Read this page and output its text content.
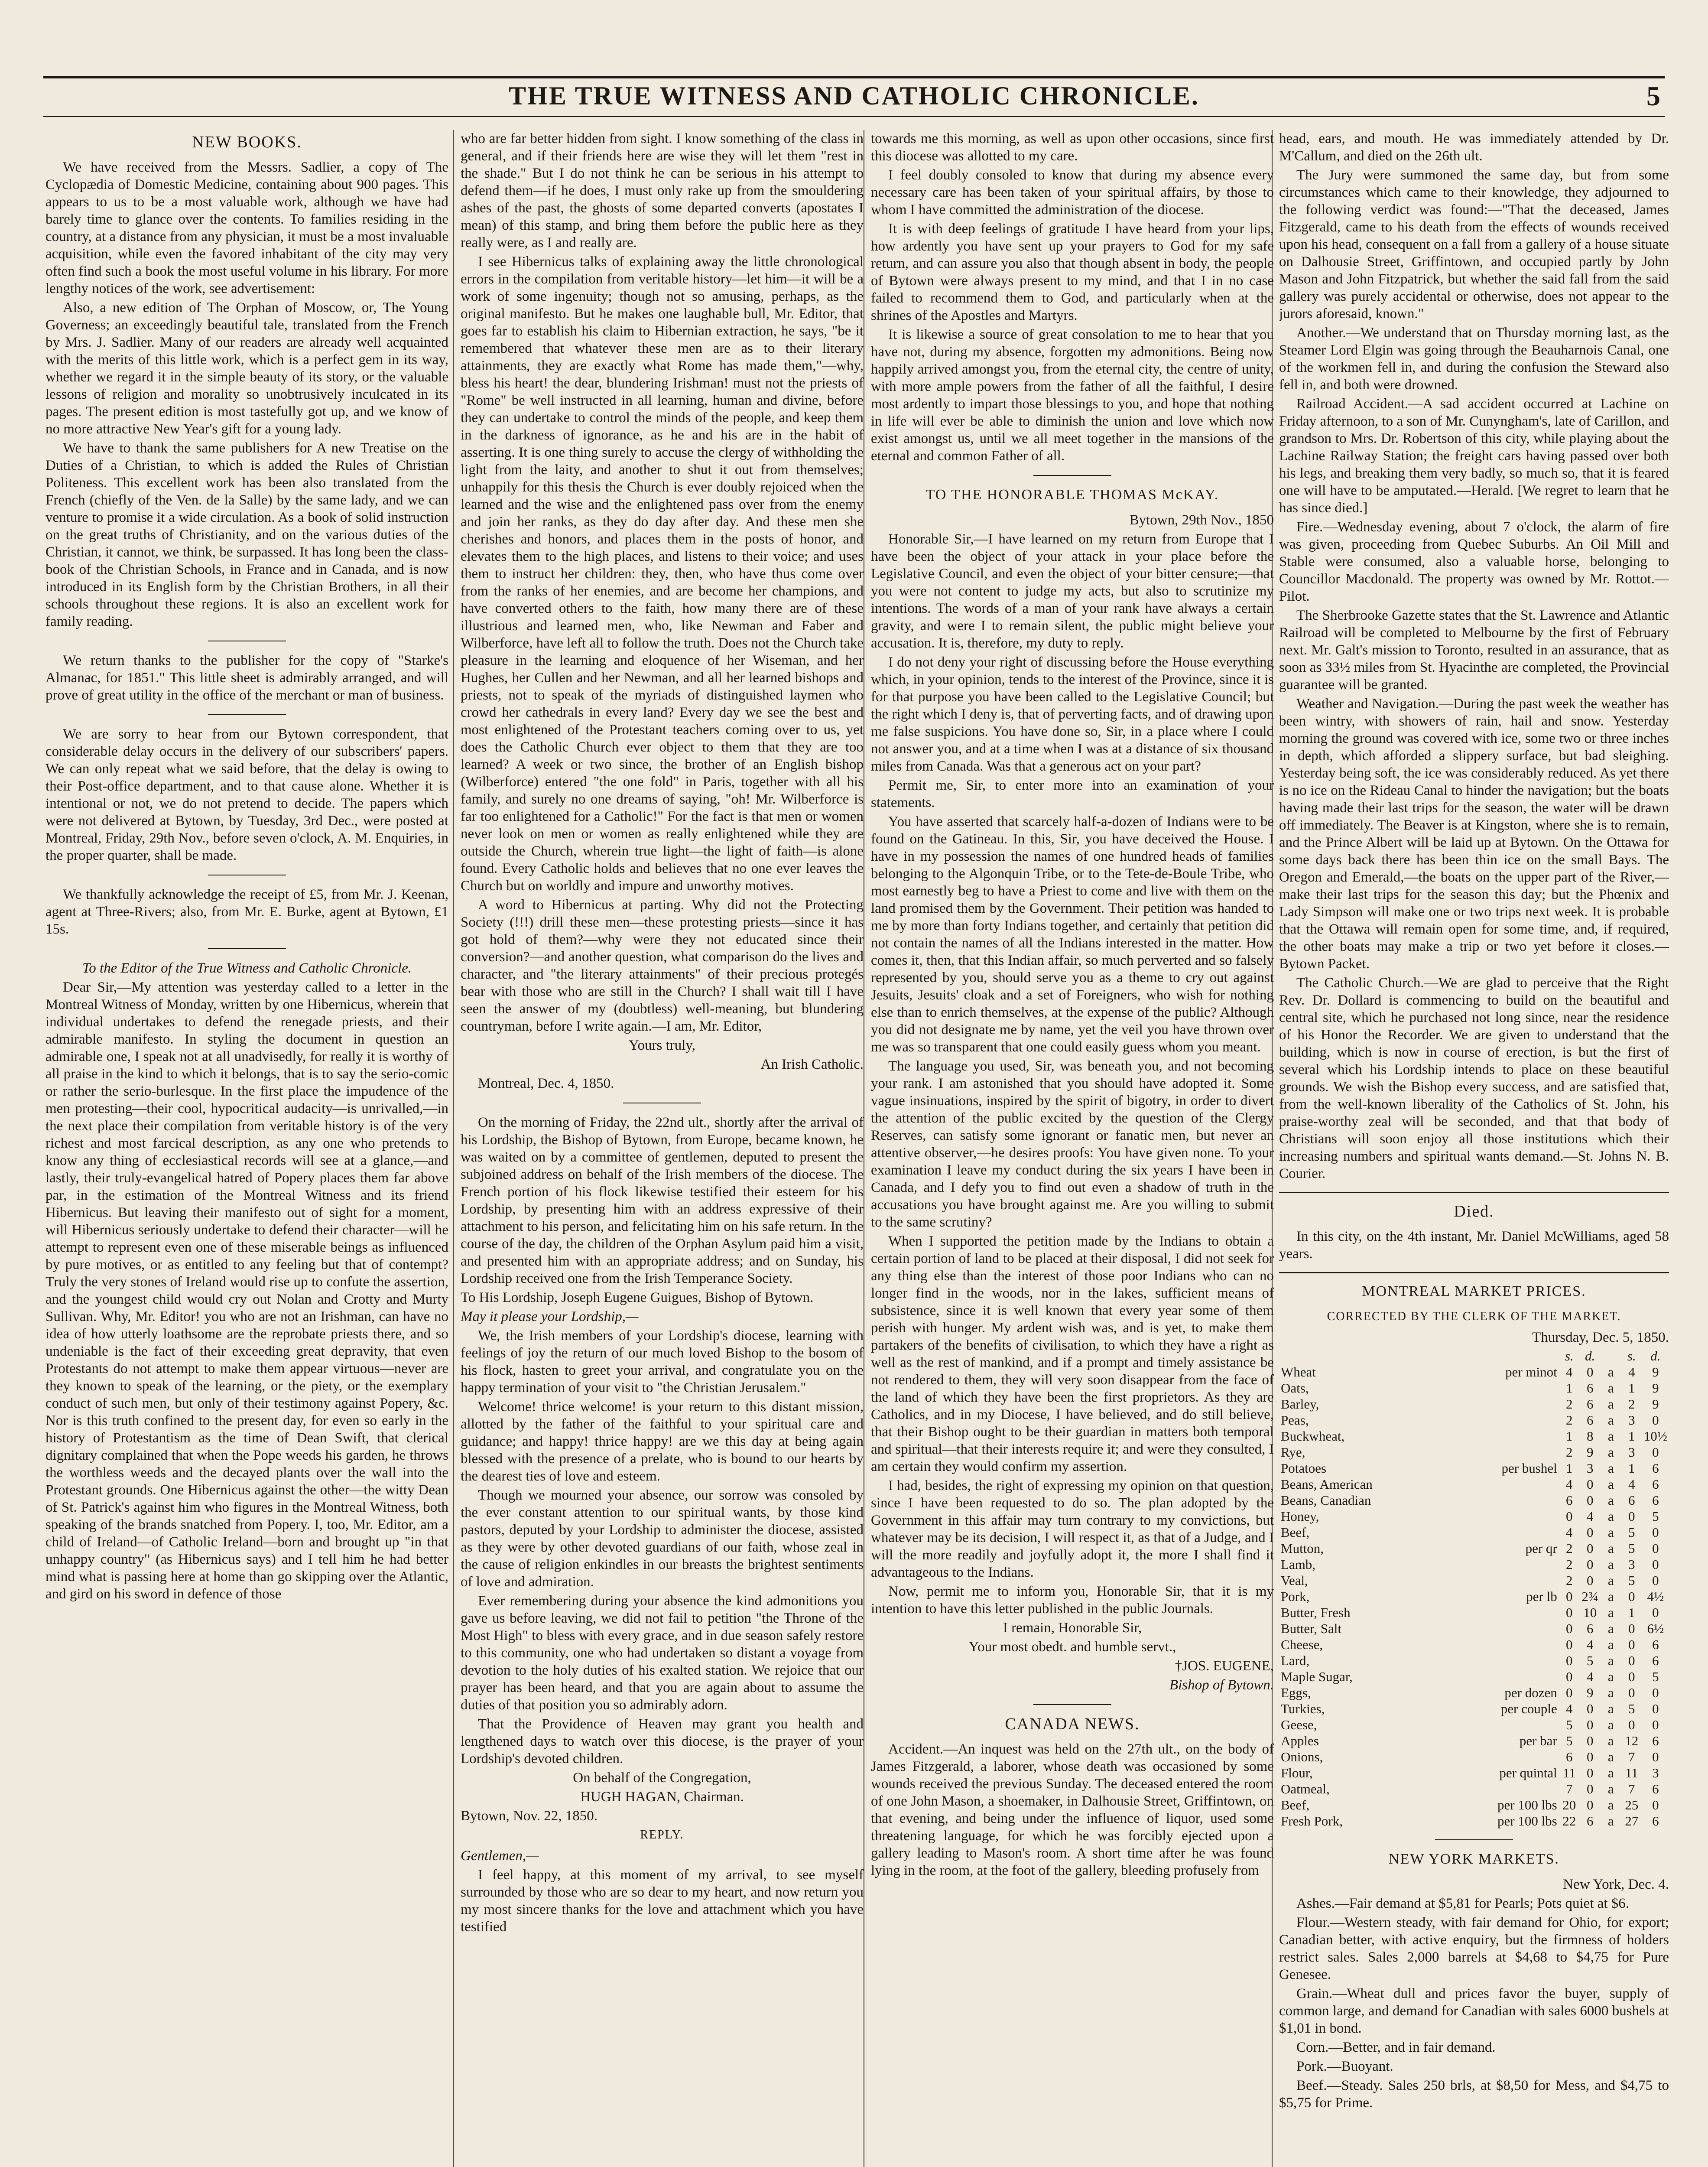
THE TRUE WITNESS AND CATHOLIC CHRONICLE.	5
NEW BOOKS.

We have received from the Messrs. Sadlier, a copy of The Cyclopædia of Domestic Medicine, containing about 900 pages. This appears to us to be a most valuable work, although we have had barely time to glance over the contents. To families residing in the country, at a distance from any physician, it must be a most invaluable acquisition, while even the favored inhabitant of the city may very often find such a book the most useful volume in his library. For more lengthy notices of the work, see advertisement:

Also, a new edition of The Orphan of Moscow, or, The Young Governess; an exceedingly beautiful tale, translated from the French by Mrs. J. Sadlier. Many of our readers are already well acquainted with the merits of this little work, which is a perfect gem in its way, whether we regard it in the simple beauty of its story, or the valuable lessons of religion and morality so unobtrusively inculcated in its pages. The present edition is most tastefully got up, and we know of no more attractive New Year's gift for a young lady.

We have to thank the same publishers for A new Treatise on the Duties of a Christian, to which is added the Rules of Christian Politeness. This excellent work has been also translated from the French (chiefly of the Ven. de la Salle) by the same lady, and we can venture to promise it a wide circulation. As a book of solid instruction on the great truths of Christianity, and on the various duties of the Christian, it cannot, we think, be surpassed. It has long been the class-book of the Christian Schools, in France and in Canada, and is now introduced in its English form by the Christian Brothers, in all their schools throughout these regions. It is also an excellent work for family reading.

We return thanks to the publisher for the copy of "Starke's Almanac, for 1851." This little sheet is admirably arranged, and will prove of great utility in the office of the merchant or man of business.

We are sorry to hear from our Bytown correspondent, that considerable delay occurs in the delivery of our subscribers' papers. We can only repeat what we said before, that the delay is owing to their Post-office department, and to that cause alone. Whether it is intentional or not, we do not pretend to decide. The papers which were not delivered at Bytown, by Tuesday, 3rd Dec., were posted at Montreal, Friday, 29th Nov., before seven o'clock, A. M. Enquiries, in the proper quarter, shall be made.

We thankfully acknowledge the receipt of £5, from Mr. J. Keenan, agent at Three-Rivers; also, from Mr. E. Burke, agent at Bytown, £1 15s.

To the Editor of the True Witness and Catholic Chronicle.

Dear Sir,—My attention was yesterday called to a letter in the Montreal Witness of Monday, written by one Hibernicus, wherein that individual undertakes to defend the renegade priests, and their admirable manifesto. In styling the document in question an admirable one, I speak not at all unadvisedly, for really it is worthy of all praise in the kind to which it belongs, that is to say the serio-comic or rather the serio-burlesque. In the first place the impudence of the men protesting—their cool, hypocritical audacity—is unrivalled,—in the next place their compilation from veritable history is of the very richest and most farcical description, as any one who pretends to know any thing of ecclesiastical records will see at a glance,—and lastly, their truly-evangelical hatred of Popery places them far above par, in the estimation of the Montreal Witness and its friend Hibernicus. But leaving their manifesto out of sight for a moment, will Hibernicus seriously undertake to defend their character—will he attempt to represent even one of these miserable beings as influenced by pure motives, or as entitled to any feeling but that of contempt? Truly the very stones of Ireland would rise up to confute the assertion, and the youngest child would cry out Nolan and Crotty and Murty Sullivan. Why, Mr. Editor! you who are not an Irishman, can have no idea of how utterly loathsome are the reprobate priests there, and so undeniable is the fact of their exceeding great depravity, that even Protestants do not attempt to make them appear virtuous—never are they known to speak of the learning, or the piety, or the exemplary conduct of such men, but only of their testimony against Popery, &c. Nor is this truth confined to the present day, for even so early in the history of Protestantism as the time of Dean Swift, that clerical dignitary complained that when the Pope weeds his garden, he throws the worthless weeds and the decayed plants over the wall into the Protestant grounds. One Hibernicus against the other—the witty Dean of St. Patrick's against him who figures in the Montreal Witness, both speaking of the brands snatched from Popery. I, too, Mr. Editor, am a child of Ireland—of Catholic Ireland—born and brought up "in that unhappy country" (as Hibernicus says) and I tell him he had better mind what is passing here at home than go skipping over the Atlantic, and gird on his sword in defence of those

who are far better hidden from sight. I know something of the class in general, and if their friends here are wise they will let them "rest in the shade." But I do not think he can be serious in his attempt to defend them—if he does, I must only rake up from the smouldering ashes of the past, the ghosts of some departed converts (apostates I mean) of this stamp, and bring them before the public here as they really were, as I and really are.

I see Hibernicus talks of explaining away the little chronological errors in the compilation from veritable history—let him—it will be a work of some ingenuity; though not so amusing, perhaps, as the original manifesto. But he makes one laughable bull, Mr. Editor, that goes far to establish his claim to Hibernian extraction, he says, "be it remembered that whatever these men are as to their literary attainments, they are exactly what Rome has made them,"—why, bless his heart! the dear, blundering Irishman! must not the priests of "Rome" be well instructed in all learning, human and divine, before they can undertake to control the minds of the people, and keep them in the darkness of ignorance, as he and his are in the habit of asserting. It is one thing surely to accuse the clergy of withholding the light from the laity, and another to shut it out from themselves; unhappily for this thesis the Church is ever doubly rejoiced when the learned and the wise and the enlightened pass over from the enemy and join her ranks, as they do day after day. And these men she cherishes and honors, and places them in the posts of honor, and elevates them to the high places, and listens to their voice; and uses them to instruct her children: they, then, who have thus come over from the ranks of her enemies, and are become her champions, and have converted others to the faith, how many there are of these illustrious and learned men, who, like Newman and Faber and Wilberforce, have left all to follow the truth. Does not the Church take pleasure in the learning and eloquence of her Wiseman, and her Hughes, her Cullen and her Newman, and all her learned bishops and priests, not to speak of the myriads of distinguished laymen who crowd her cathedrals in every land? Every day we see the best and most enlightened of the Protestant teachers coming over to us, yet does the Catholic Church ever object to them that they are too learned? A week or two since, the brother of an English bishop (Wilberforce) entered "the one fold" in Paris, together with all his family, and surely no one dreams of saying, "oh! Mr. Wilberforce is far too enlightened for a Catholic!" For the fact is that men or women never look on men or women as really enlightened while they are outside the Church, wherein true light—the light of faith—is alone found. Every Catholic holds and believes that no one ever leaves the Church but on worldly and impure and unworthy motives.

A word to Hibernicus at parting. Why did not the Protecting Society (!!!) drill these men—these protesting priests—since it has got hold of them?—why were they not educated since their conversion?—and another question, what comparison do the lives and character, and "the literary attainments" of their precious protegés bear with those who are still in the Church? I shall wait till I have seen the answer of my (doubtless) well-meaning, but blundering countryman, before I write again.—I am, Mr. Editor,

Yours truly,

An Irish Catholic.

Montreal, Dec. 4, 1850.

On the morning of Friday, the 22nd ult., shortly after the arrival of his Lordship, the Bishop of Bytown, from Europe, became known, he was waited on by a committee of gentlemen, deputed to present the subjoined address on behalf of the Irish members of the diocese. The French portion of his flock likewise testified their esteem for his Lordship, by presenting him with an address expressive of their attachment to his person, and felicitating him on his safe return. In the course of the day, the children of the Orphan Asylum paid him a visit, and presented him with an appropriate address; and on Sunday, his Lordship received one from the Irish Temperance Society.

To His Lordship, Joseph Eugene Guigues, Bishop of Bytown.

May it please your Lordship,—

We, the Irish members of your Lordship's diocese, learning with feelings of joy the return of our much loved Bishop to the bosom of his flock, hasten to greet your arrival, and congratulate you on the happy termination of your visit to "the Christian Jerusalem."

Welcome! thrice welcome! is your return to this distant mission, allotted by the father of the faithful to your spiritual care and guidance; and happy! thrice happy! are we this day at being again blessed with the presence of a prelate, who is bound to our hearts by the dearest ties of love and esteem.

Though we mourned your absence, our sorrow was consoled by the ever constant attention to our spiritual wants, by those kind pastors, deputed by your Lordship to administer the diocese, assisted as they were by other devoted guardians of our faith, whose zeal in the cause of religion enkindles in our breasts the brightest sentiments of love and admiration.

Ever remembering during your absence the kind admonitions you gave us before leaving, we did not fail to petition "the Throne of the Most High" to bless with every grace, and in due season safely restore to this community, one who had undertaken so distant a voyage from devotion to the holy duties of his exalted station. We rejoice that our prayer has been heard, and that you are again about to assume the duties of that position you so admirably adorn.

That the Providence of Heaven may grant you health and lengthened days to watch over this diocese, is the prayer of your Lordship's devoted children.

On behalf of the Congregation,

HUGH HAGAN, Chairman.

Bytown, Nov. 22, 1850.

REPLY.

Gentlemen,—

I feel happy, at this moment of my arrival, to see myself surrounded by those who are so dear to my heart, and now return you my most sincere thanks for the love and attachment which you have testified

towards me this morning, as well as upon other occasions, since first this diocese was allotted to my care.

I feel doubly consoled to know that during my absence every necessary care has been taken of your spiritual affairs, by those to whom I have committed the administration of the diocese.

It is with deep feelings of gratitude I have heard from your lips, how ardently you have sent up your prayers to God for my safe return, and can assure you also that though absent in body, the people of Bytown were always present to my mind, and that I in no case failed to recommend them to God, and particularly when at the shrines of the Apostles and Martyrs.

It is likewise a source of great consolation to me to hear that you have not, during my absence, forgotten my admonitions. Being now happily arrived amongst you, from the eternal city, the centre of unity, with more ample powers from the father of all the faithful, I desire most ardently to impart those blessings to you, and hope that nothing in life will ever be able to diminish the union and love which now exist amongst us, until we all meet together in the mansions of the eternal and common Father of all.

TO THE HONORABLE THOMAS McKAY.

Bytown, 29th Nov., 1850

Honorable Sir,—I have learned on my return from Europe that I have been the object of your attack in your place before the Legislative Council, and even the object of your bitter censure;—that you were not content to judge my acts, but also to scrutinize my intentions. The words of a man of your rank have always a certain gravity, and were I to remain silent, the public might believe your accusation. It is, therefore, my duty to reply.

I do not deny your right of discussing before the House everything which, in your opinion, tends to the interest of the Province, since it is for that purpose you have been called to the Legislative Council; but the right which I deny is, that of perverting facts, and of drawing upon me false suspicions. You have done so, Sir, in a place where I could not answer you, and at a time when I was at a distance of six thousand miles from Canada. Was that a generous act on your part?

Permit me, Sir, to enter more into an examination of your statements.

You have asserted that scarcely half-a-dozen of Indians were to be found on the Gatineau. In this, Sir, you have deceived the House. I have in my possession the names of one hundred heads of families belonging to the Algonquin Tribe, or to the Tete-de-Boule Tribe, who most earnestly beg to have a Priest to come and live with them on the land promised them by the Government. Their petition was handed to me by more than forty Indians together, and certainly that petition did not contain the names of all the Indians interested in the matter. How comes it, then, that this Indian affair, so much perverted and so falsely represented by you, should serve you as a theme to cry out against Jesuits, Jesuits' cloak and a set of Foreigners, who wish for nothing else than to enrich themselves, at the expense of the public? Although you did not designate me by name, yet the veil you have thrown over me was so transparent that one could easily guess whom you meant.

The language you used, Sir, was beneath you, and not becoming your rank. I am astonished that you should have adopted it. Some vague insinuations, inspired by the spirit of bigotry, in order to divert the attention of the public excited by the question of the Clergy Reserves, can satisfy some ignorant or fanatic men, but never an attentive observer,—he desires proofs: You have given none. To your examination I leave my conduct during the six years I have been in Canada, and I defy you to find out even a shadow of truth in the accusations you have brought against me. Are you willing to submit to the same scrutiny?

When I supported the petition made by the Indians to obtain a certain portion of land to be placed at their disposal, I did not seek for any thing else than the interest of those poor Indians who can no longer find in the woods, nor in the lakes, sufficient means of subsistence, since it is well known that every year some of them perish with hunger. My ardent wish was, and is yet, to make them partakers of the benefits of civilisation, to which they have a right as well as the rest of mankind, and if a prompt and timely assistance be not rendered to them, they will very soon disappear from the face of the land of which they have been the first proprietors. As they are Catholics, and in my Diocese, I have believed, and do still believe, that their Bishop ought to be their guardian in matters both temporal and spiritual—that their interests require it; and were they consulted, I am certain they would confirm my assertion.

I had, besides, the right of expressing my opinion on that question, since I have been requested to do so. The plan adopted by the Government in this affair may turn contrary to my convictions, but whatever may be its decision, I will respect it, as that of a Judge, and I will the more readily and joyfully adopt it, the more I shall find it advantageous to the Indians.

Now, permit me to inform you, Honorable Sir, that it is my intention to have this letter published in the public Journals.

I remain, Honorable Sir,

Your most obedt. and humble servt.,

†JOS. EUGENE,

Bishop of Bytown.

CANADA NEWS.

Accident.—An inquest was held on the 27th ult., on the body of James Fitzgerald, a laborer, whose death was occasioned by some wounds received the previous Sunday. The deceased entered the room of one John Mason, a shoemaker, in Dalhousie Street, Griffintown, on that evening, and being under the influence of liquor, used some threatening language, for which he was forcibly ejected upon a gallery leading to Mason's room. A short time after he was found lying in the room, at the foot of the gallery, bleeding profusely from

head, ears, and mouth. He was immediately attended by Dr. M'Callum, and died on the 26th ult.

The Jury were summoned the same day, but from some circumstances which came to their knowledge, they adjourned to the following verdict was found:—"That the deceased, James Fitzgerald, came to his death from the effects of wounds received upon his head, consequent on a fall from a gallery of a house situate on Dalhousie Street, Griffintown, and occupied partly by John Mason and John Fitzpatrick, but whether the said fall from the said gallery was purely accidental or otherwise, does not appear to the jurors aforesaid, known."

Another.—We understand that on Thursday morning last, as the Steamer Lord Elgin was going through the Beauharnois Canal, one of the workmen fell in, and during the confusion the Steward also fell in, and both were drowned.

Railroad Accident.—A sad accident occurred at Lachine on Friday afternoon, to a son of Mr. Cunyngham's, late of Carillon, and grandson to Mrs. Dr. Robertson of this city, while playing about the Lachine Railway Station; the freight cars having passed over both his legs, and breaking them very badly, so much so, that it is feared one will have to be amputated.—Herald. [We regret to learn that he has since died.]

Fire.—Wednesday evening, about 7 o'clock, the alarm of fire was given, proceeding from Quebec Suburbs. An Oil Mill and Stable were consumed, also a valuable horse, belonging to Councillor Macdonald. The property was owned by Mr. Rottot.—Pilot.

The Sherbrooke Gazette states that the St. Lawrence and Atlantic Railroad will be completed to Melbourne by the first of February next. Mr. Galt's mission to Toronto, resulted in an assurance, that as soon as 33½ miles from St. Hyacinthe are completed, the Provincial guarantee will be granted.

Weather and Navigation.—During the past week the weather has been wintry, with showers of rain, hail and snow. Yesterday morning the ground was covered with ice, some two or three inches in depth, which afforded a slippery surface, but bad sleighing. Yesterday being soft, the ice was considerably reduced. As yet there is no ice on the Rideau Canal to hinder the navigation; but the boats having made their last trips for the season, the water will be drawn off immediately. The Beaver is at Kingston, where she is to remain, and the Prince Albert will be laid up at Bytown. On the Ottawa for some days back there has been thin ice on the small Bays. The Oregon and Emerald,—the boats on the upper part of the River,—make their last trips for the season this day; but the Phœnix and Lady Simpson will make one or two trips next week. It is probable that the Ottawa will remain open for some time, and, if required, the other boats may make a trip or two yet before it closes.—Bytown Packet.

The Catholic Church.—We are glad to perceive that the Right Rev. Dr. Dollard is commencing to build on the beautiful and central site, which he purchased not long since, near the residence of his Honor the Recorder. We are given to understand that the building, which is now in course of erection, is but the first of several which his Lordship intends to place on these beautiful grounds. We wish the Bishop every success, and are satisfied that, from the well-known liberality of the Catholics of St. John, his praise-worthy zeal will be seconded, and that that body of Christians will soon enjoy all those institutions which their increasing numbers and spiritual wants demand.—St. Johns N. B. Courier.

Died.

In this city, on the 4th instant, Mr. Daniel McWilliams, aged 58 years.

MONTREAL MARKET PRICES.
CORRECTED BY THE CLERK OF THE MARKET.

Thursday, Dec. 5, 1850.

		s.	d.		s.	d.
Wheat	per minot	4	0	a	4	9
Oats,		1	6	a	1	9
Barley,		2	6	a	2	9
Peas,		2	6	a	3	0
Buckwheat,		1	8	a	1	10½
Rye,		2	9	a	3	0
Potatoes	per bushel	1	3	a	1	6
Beans, American		4	0	a	4	6
Beans, Canadian		6	0	a	6	6
Honey,		0	4	a	0	5
Beef,		4	0	a	5	0
Mutton,	per qr	2	0	a	5	0
Lamb,		2	0	a	3	0
Veal,		2	0	a	5	0
Pork,	per lb	0	2¾	a	0	4½
Butter, Fresh		0	10	a	1	0
Butter, Salt		0	6	a	0	6½
Cheese,		0	4	a	0	6
Lard,		0	5	a	0	6
Maple Sugar,		0	4	a	0	5
Eggs,	per dozen	0	9	a	0	0
Turkies,	per couple	4	0	a	5	0
Geese,		5	0	a	0	0
Apples	per bar	5	0	a	12	6
Onions,		6	0	a	7	0
Flour,	per quintal	11	0	a	11	3
Oatmeal,		7	0	a	7	6
Beef,	per 100 lbs	20	0	a	25	0
Fresh Pork,	per 100 lbs	22	6	a	27	6
NEW YORK MARKETS.

New York, Dec. 4.

Ashes.—Fair demand at $5,81 for Pearls; Pots quiet at $6.

Flour.—Western steady, with fair demand for Ohio, for export; Canadian better, with active enquiry, but the firmness of holders restrict sales. Sales 2,000 barrels at $4,68 to $4,75 for Pure Genesee.

Grain.—Wheat dull and prices favor the buyer, supply of common large, and demand for Canadian with sales 6000 bushels at $1,01 in bond.

Corn.—Better, and in fair demand.

Pork.—Buoyant.

Beef.—Steady. Sales 250 brls, at $8,50 for Mess, and $4,75 to $5,75 for Prime.
